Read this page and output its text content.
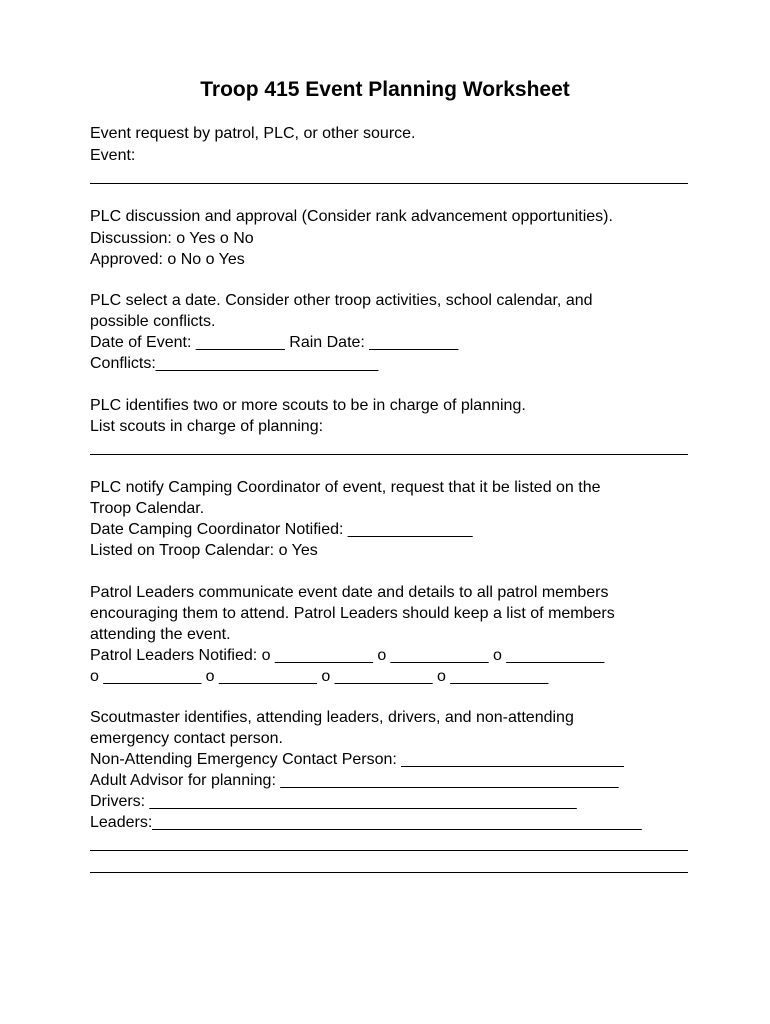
Troop 415 Event Planning Worksheet
Event request by patrol, PLC, or other source.
Event:
PLC discussion and approval (Consider rank advancement opportunities).
Discussion: o Yes o No
Approved: o No o Yes
PLC select a date. Consider other troop activities, school calendar, and
possible conflicts.
Date of Event: __________ Rain Date: __________
Conflicts:_________________________
PLC identifies two or more scouts to be in charge of planning.
List scouts in charge of planning:
PLC notify Camping Coordinator of event, request that it be listed on the
Troop Calendar.
Date Camping Coordinator Notified: ______________
Listed on Troop Calendar: o Yes
Patrol Leaders communicate event date and details to all patrol members
encouraging them to attend. Patrol Leaders should keep a list of members
attending the event.
Patrol Leaders Notified: o ___________ o ___________ o ___________
o ___________ o ___________ o ___________ o ___________
Scoutmaster identifies, attending leaders, drivers, and non-attending
emergency contact person.
Non-Attending Emergency Contact Person: _________________________
Adult Advisor for planning: ______________________________________
Drivers: ________________________________________________
Leaders:_______________________________________________________
